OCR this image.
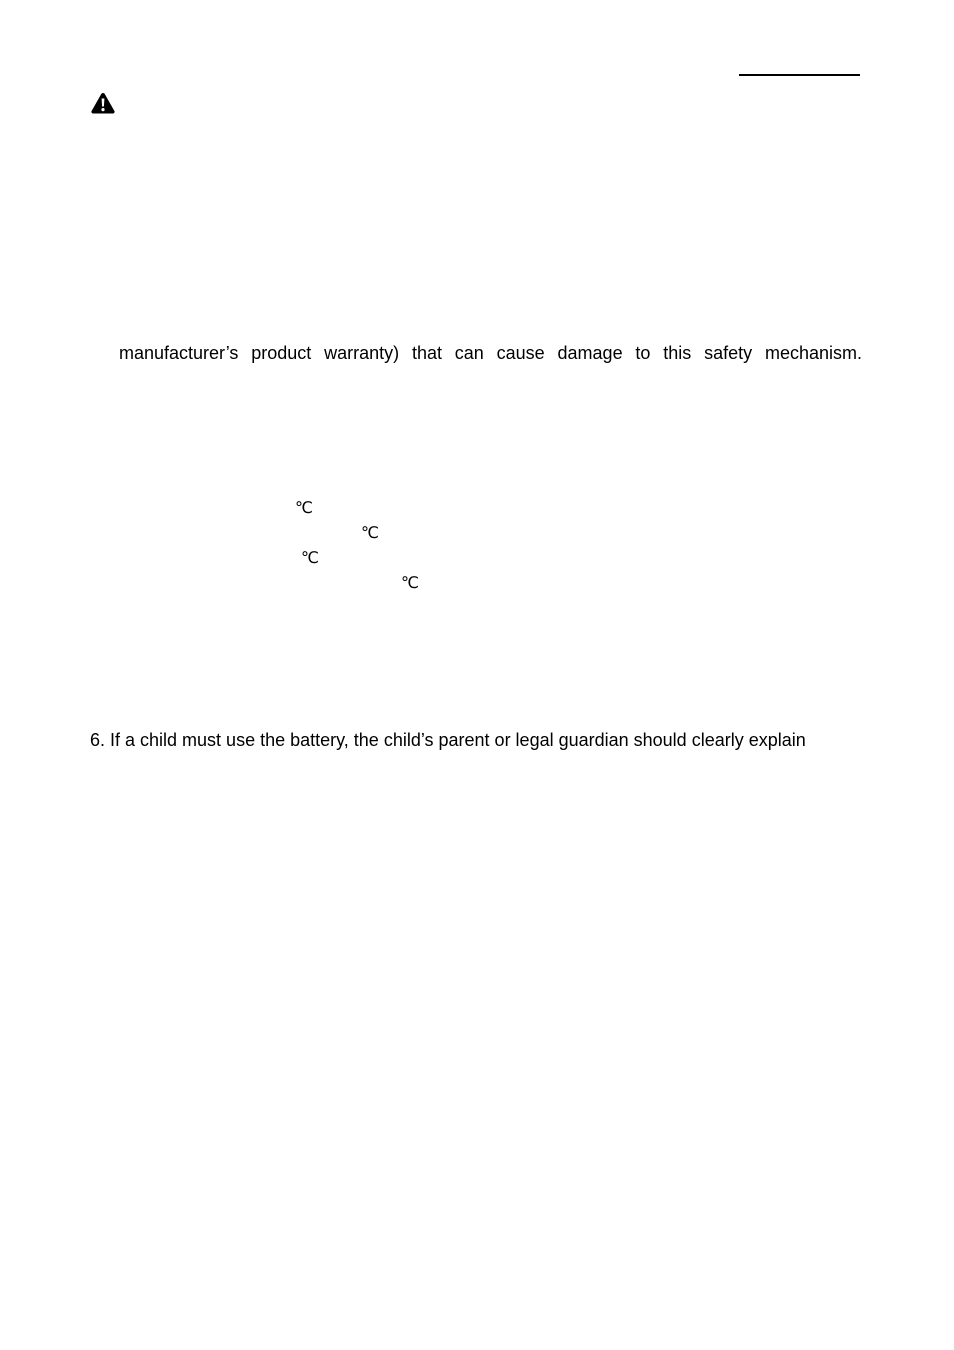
manufacturer’s product warranty) that can cause damage to this safety mechanism.
℃
℃
℃
℃
6. If a child must use the battery, the child’s parent or legal guardian should clearly explain
